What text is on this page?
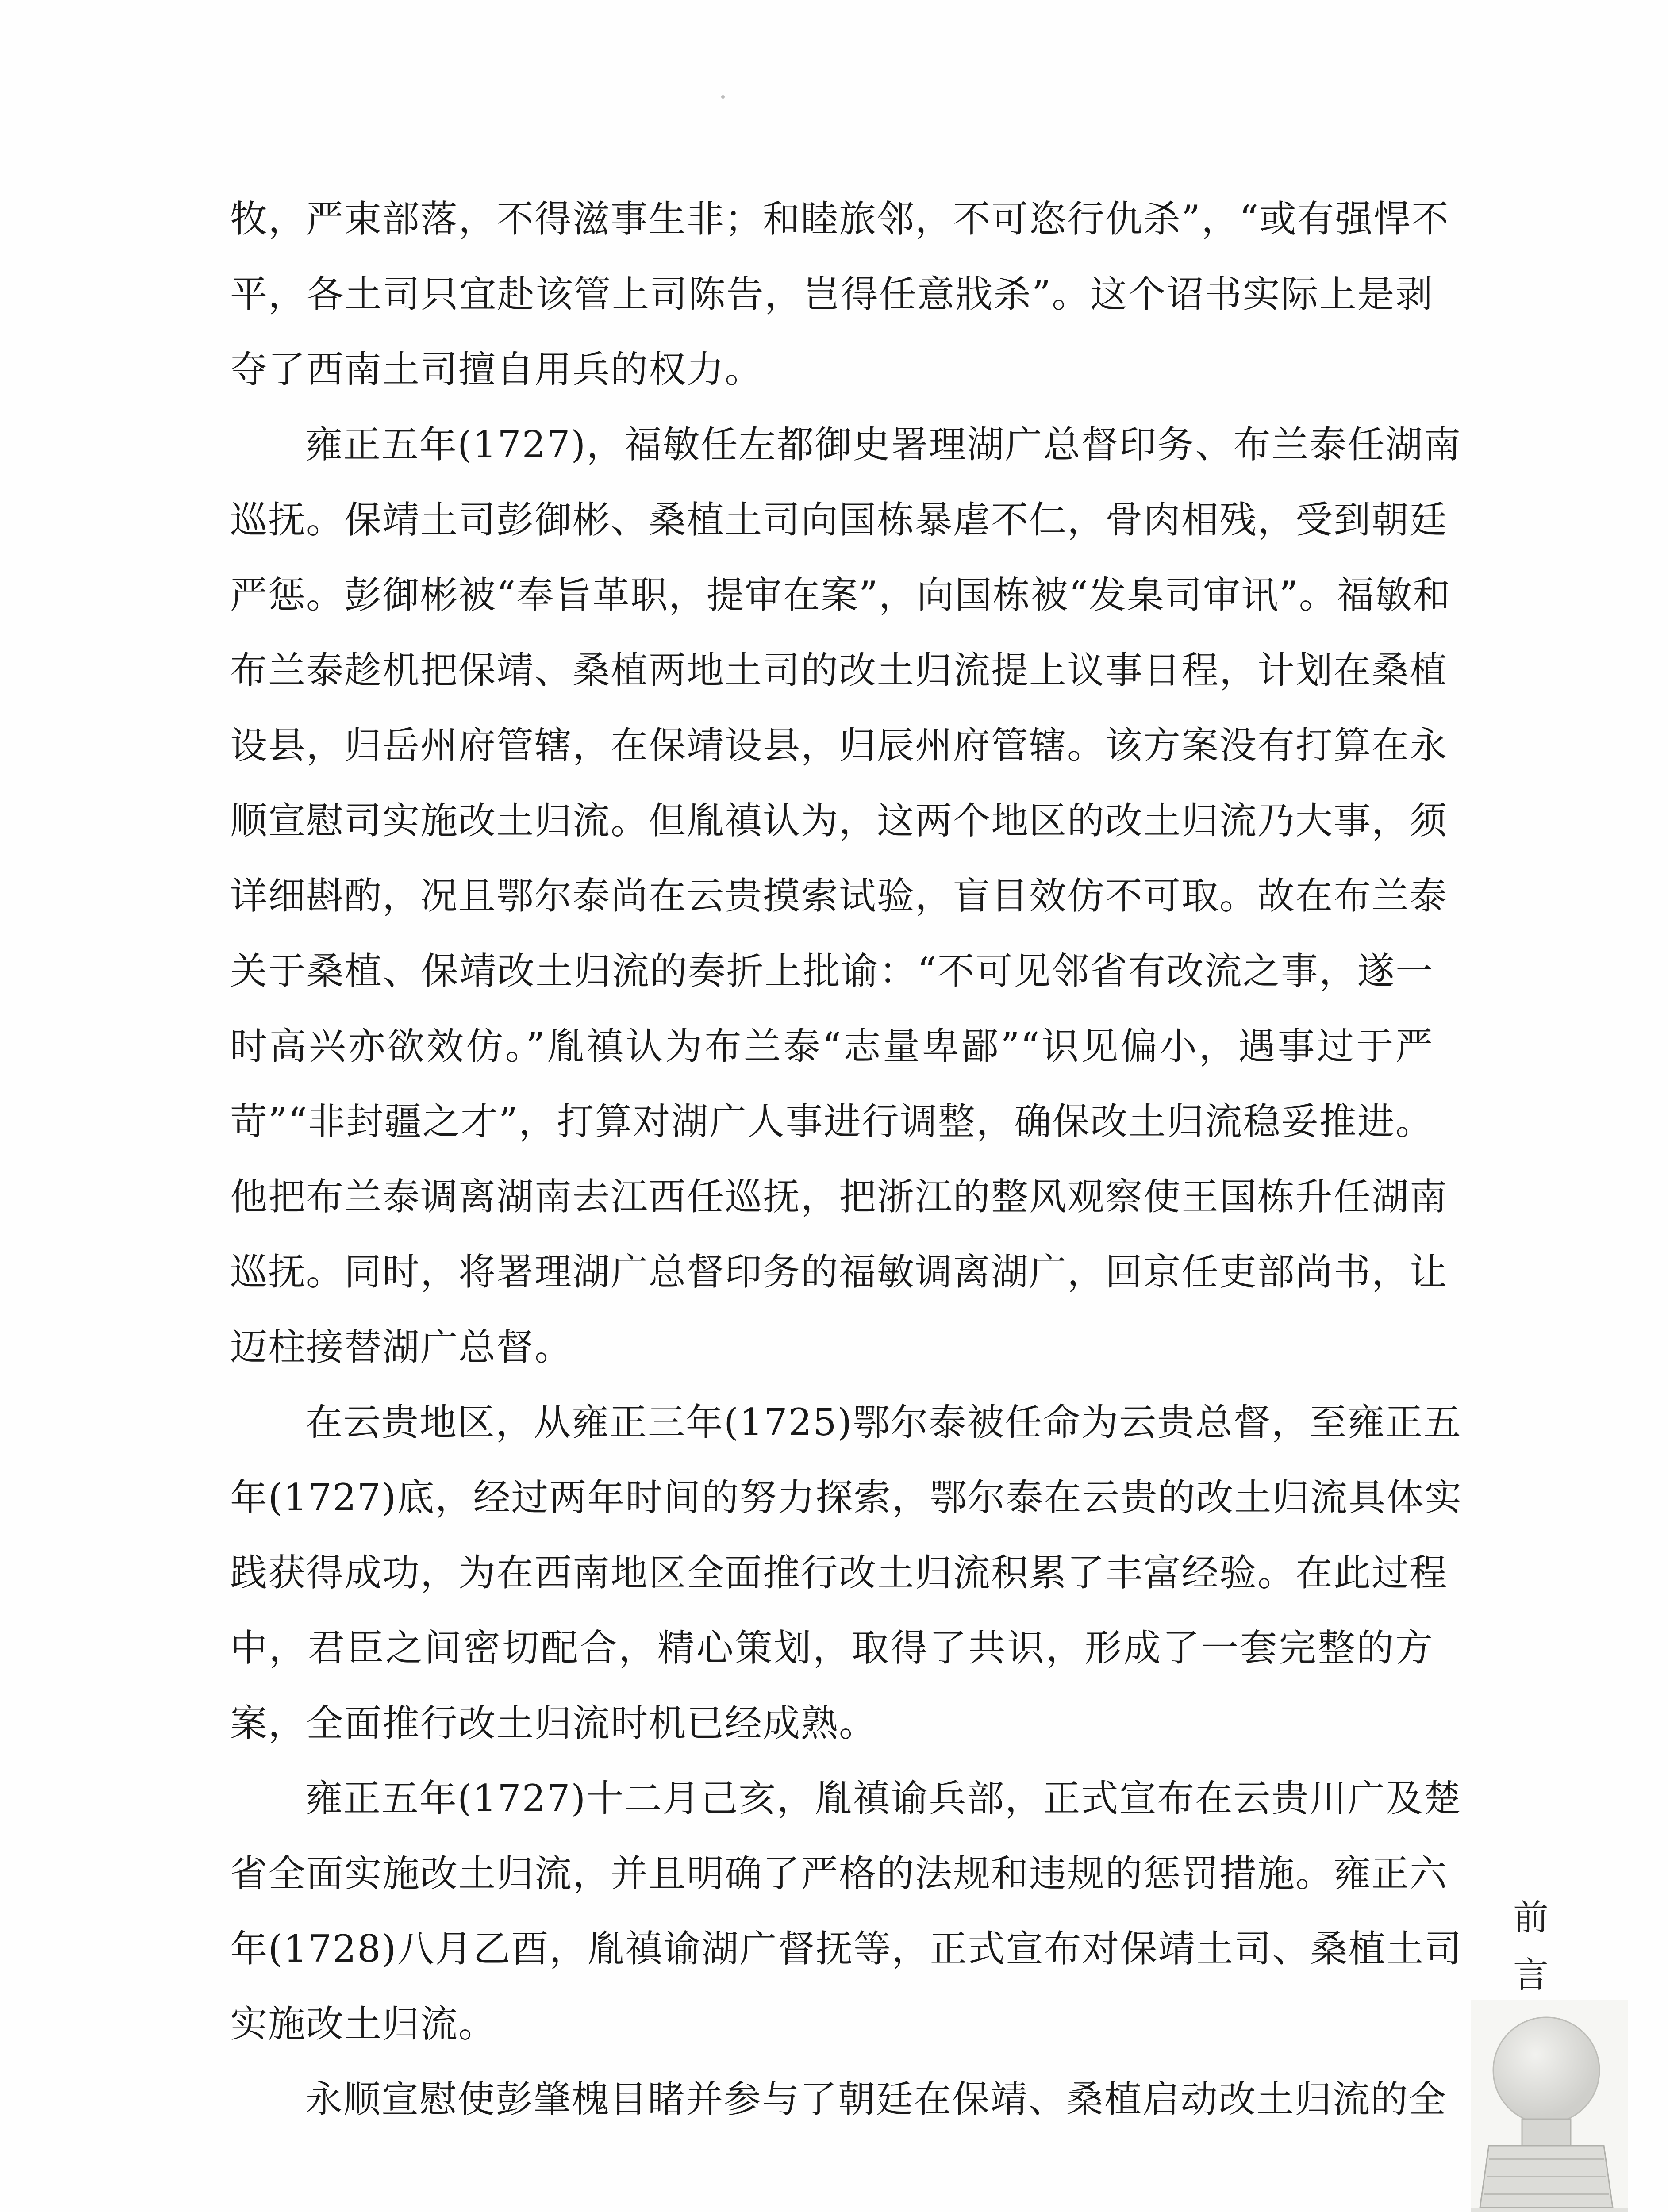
牧，严束部落，不得滋事生非；和睦旅邻，不可恣行仇杀”，“或有强悍不
平，各土司只宜赴该管上司陈告，岂得任意戕杀”。这个诏书实际上是剥
夺了西南土司擅自用兵的权力。
雍正五年(1727)，福敏任左都御史署理湖广总督印务、布兰泰任湖南
巡抚。保靖土司彭御彬、桑植土司向国栋暴虐不仁，骨肉相残，受到朝廷
严惩。彭御彬被“奉旨革职，提审在案”，向国栋被“发臬司审讯”。福敏和
布兰泰趁机把保靖、桑植两地土司的改土归流提上议事日程，计划在桑植
设县，归岳州府管辖，在保靖设县，归辰州府管辖。该方案没有打算在永
顺宣慰司实施改土归流。但胤禛认为，这两个地区的改土归流乃大事，须
详细斟酌，况且鄂尔泰尚在云贵摸索试验，盲目效仿不可取。故在布兰泰
关于桑植、保靖改土归流的奏折上批谕：“不可见邻省有改流之事，遂一
时高兴亦欲效仿。”胤禛认为布兰泰“志量卑鄙”“识见偏小，遇事过于严
苛”“非封疆之才”，打算对湖广人事进行调整，确保改土归流稳妥推进。
他把布兰泰调离湖南去江西任巡抚，把浙江的整风观察使王国栋升任湖南
巡抚。同时，将署理湖广总督印务的福敏调离湖广，回京任吏部尚书，让
迈柱接替湖广总督。
在云贵地区，从雍正三年(1725)鄂尔泰被任命为云贵总督，至雍正五
年(1727)底，经过两年时间的努力探索，鄂尔泰在云贵的改土归流具体实
践获得成功，为在西南地区全面推行改土归流积累了丰富经验。在此过程
中，君臣之间密切配合，精心策划，取得了共识，形成了一套完整的方
案，全面推行改土归流时机已经成熟。
雍正五年(1727)十二月己亥，胤禛谕兵部，正式宣布在云贵川广及楚
省全面实施改土归流，并且明确了严格的法规和违规的惩罚措施。雍正六
年(1728)八月乙酉，胤禛谕湖广督抚等，正式宣布对保靖土司、桑植土司
实施改土归流。
永顺宣慰使彭肇槐目睹并参与了朝廷在保靖、桑植启动改土归流的全
前
言
